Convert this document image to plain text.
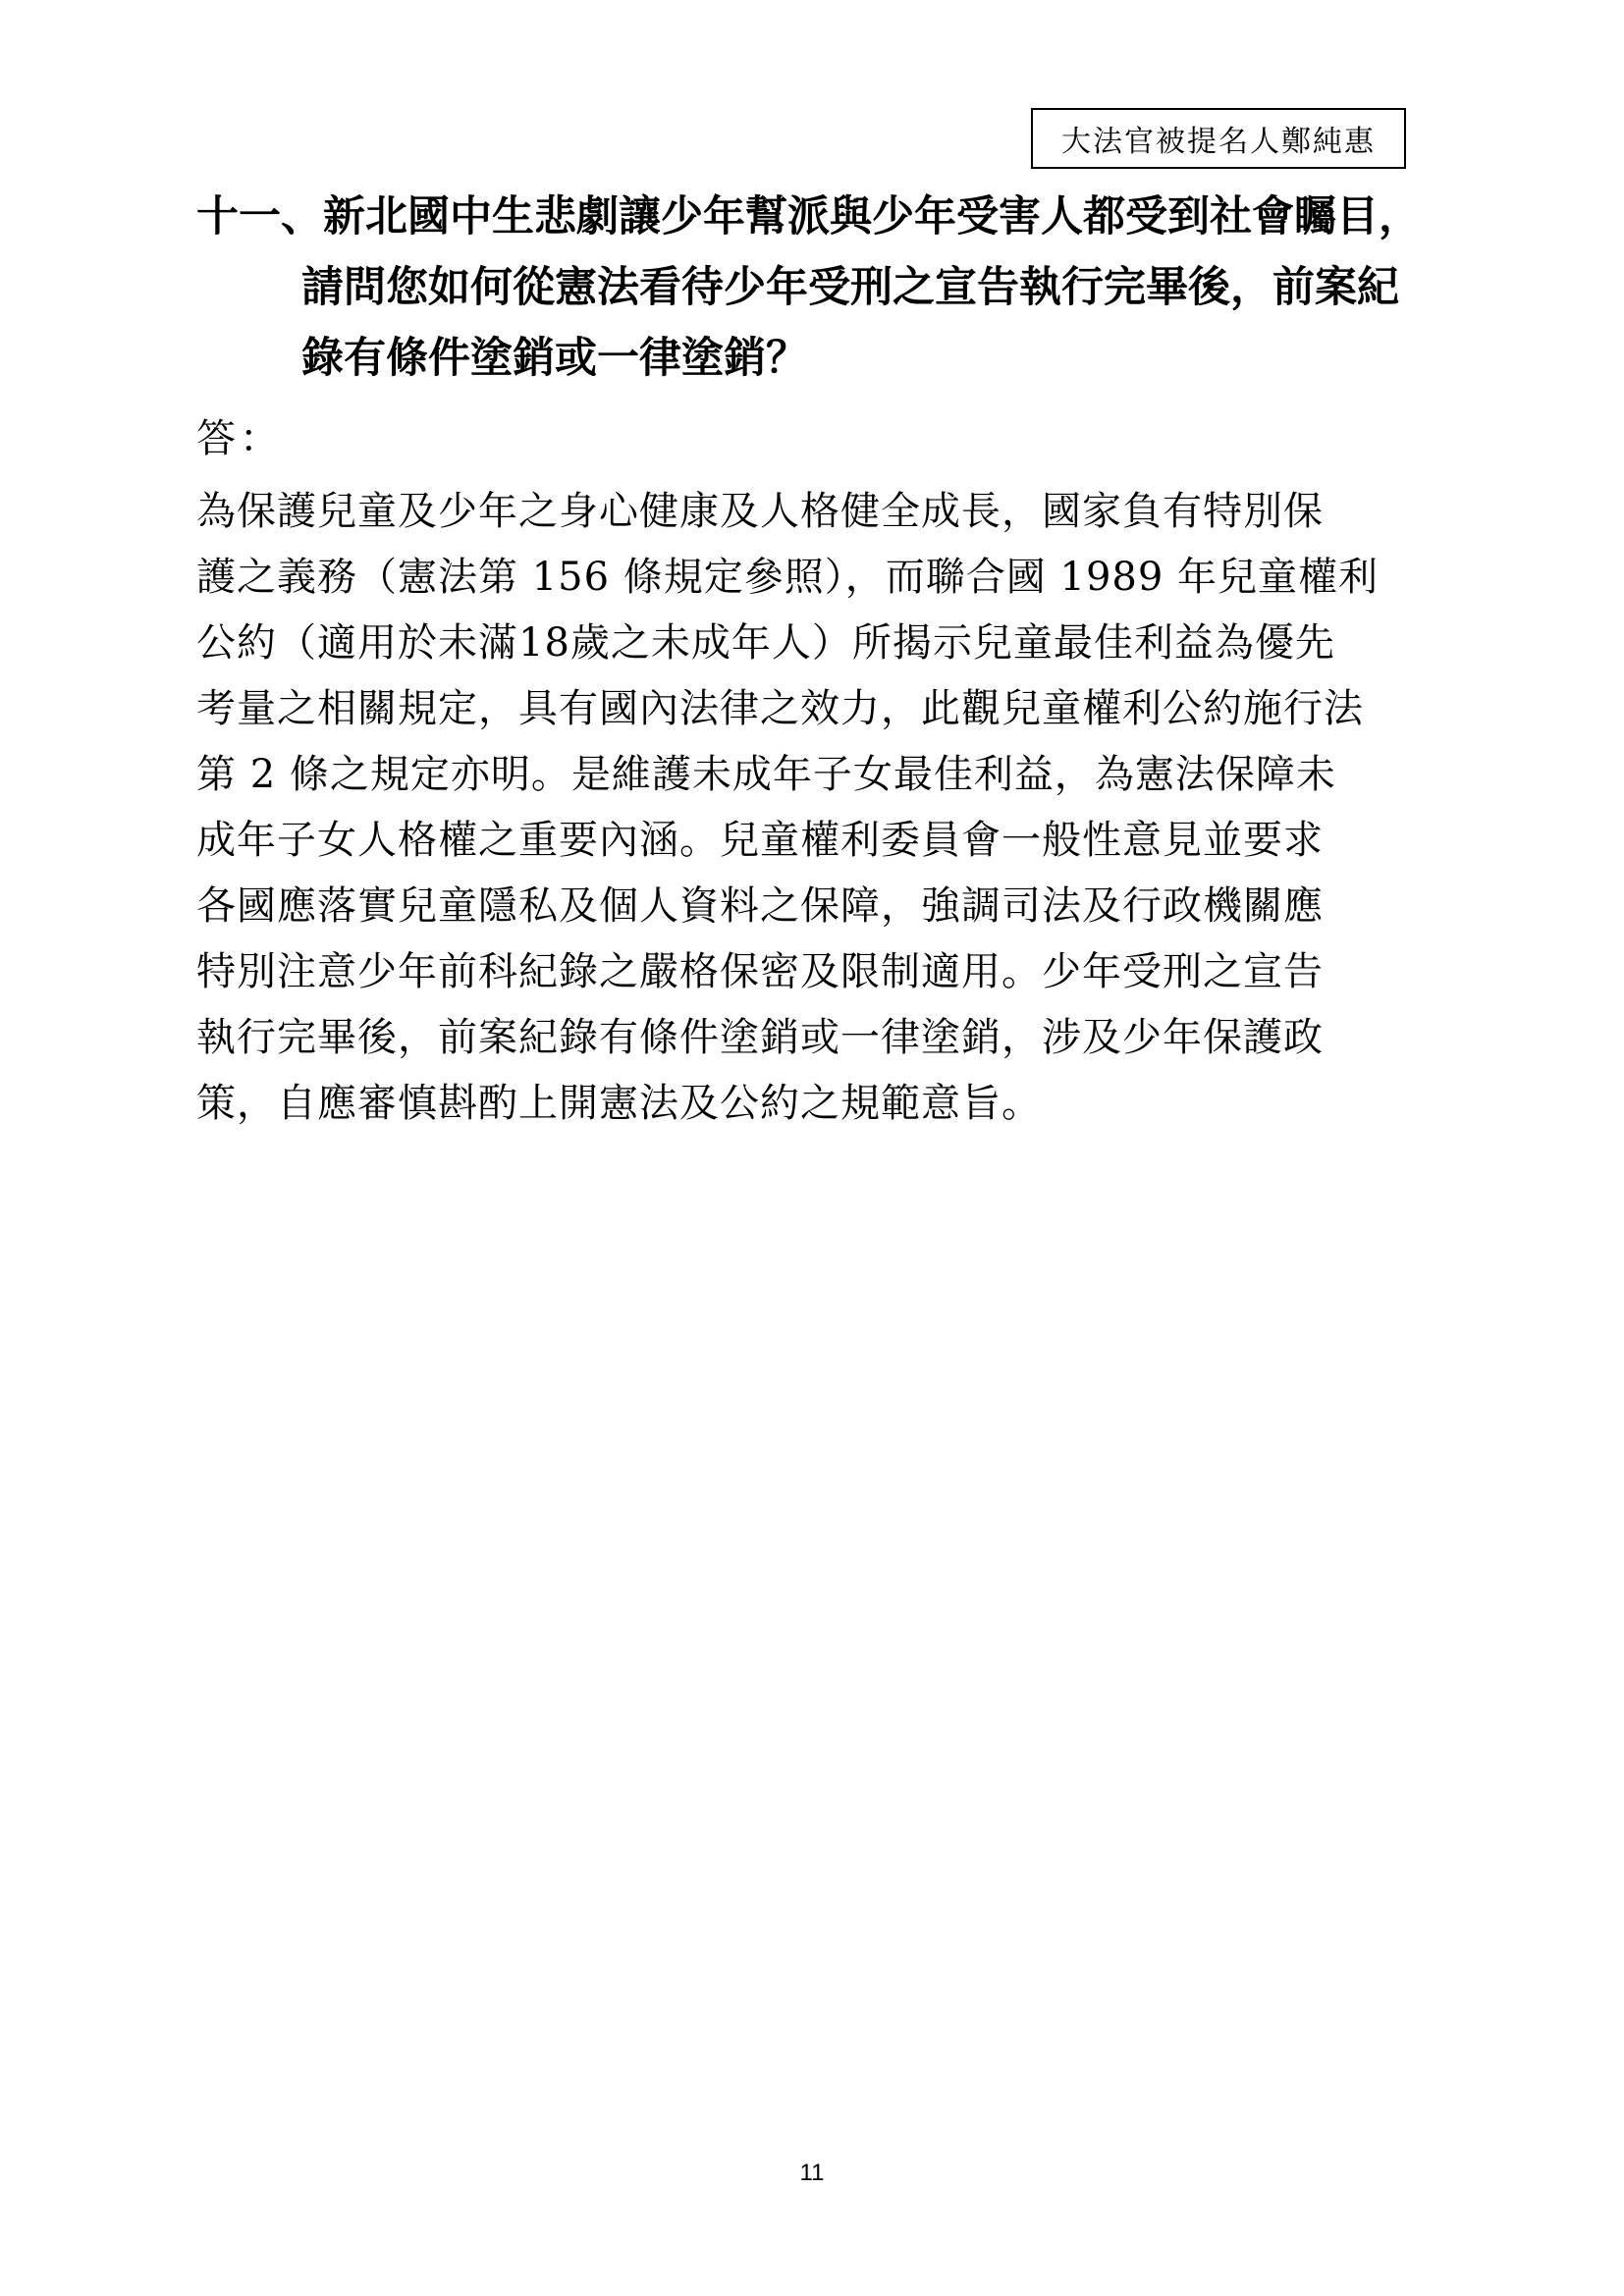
大法官被提名人鄭純惠
十一、新北國中生悲劇讓少年幫派與少年受害人都受到社會矚目，
請問您如何從憲法看待少年受刑之宣告執行完畢後，前案紀
錄有條件塗銷或一律塗銷？
答：
為保護兒童及少年之身心健康及人格健全成長，國家負有特別保
護之義務（憲法第 156 條規定參照），而聯合國 1989 年兒童權利
公約（適用於未滿18歲之未成年人）所揭示兒童最佳利益為優先
考量之相關規定，具有國內法律之效力，此觀兒童權利公約施行法
第 2 條之規定亦明。是維護未成年子女最佳利益，為憲法保障未
成年子女人格權之重要內涵。兒童權利委員會一般性意見並要求
各國應落實兒童隱私及個人資料之保障，強調司法及行政機關應
特別注意少年前科紀錄之嚴格保密及限制適用。少年受刑之宣告
執行完畢後，前案紀錄有條件塗銷或一律塗銷，涉及少年保護政
策，自應審慎斟酌上開憲法及公約之規範意旨。
11
